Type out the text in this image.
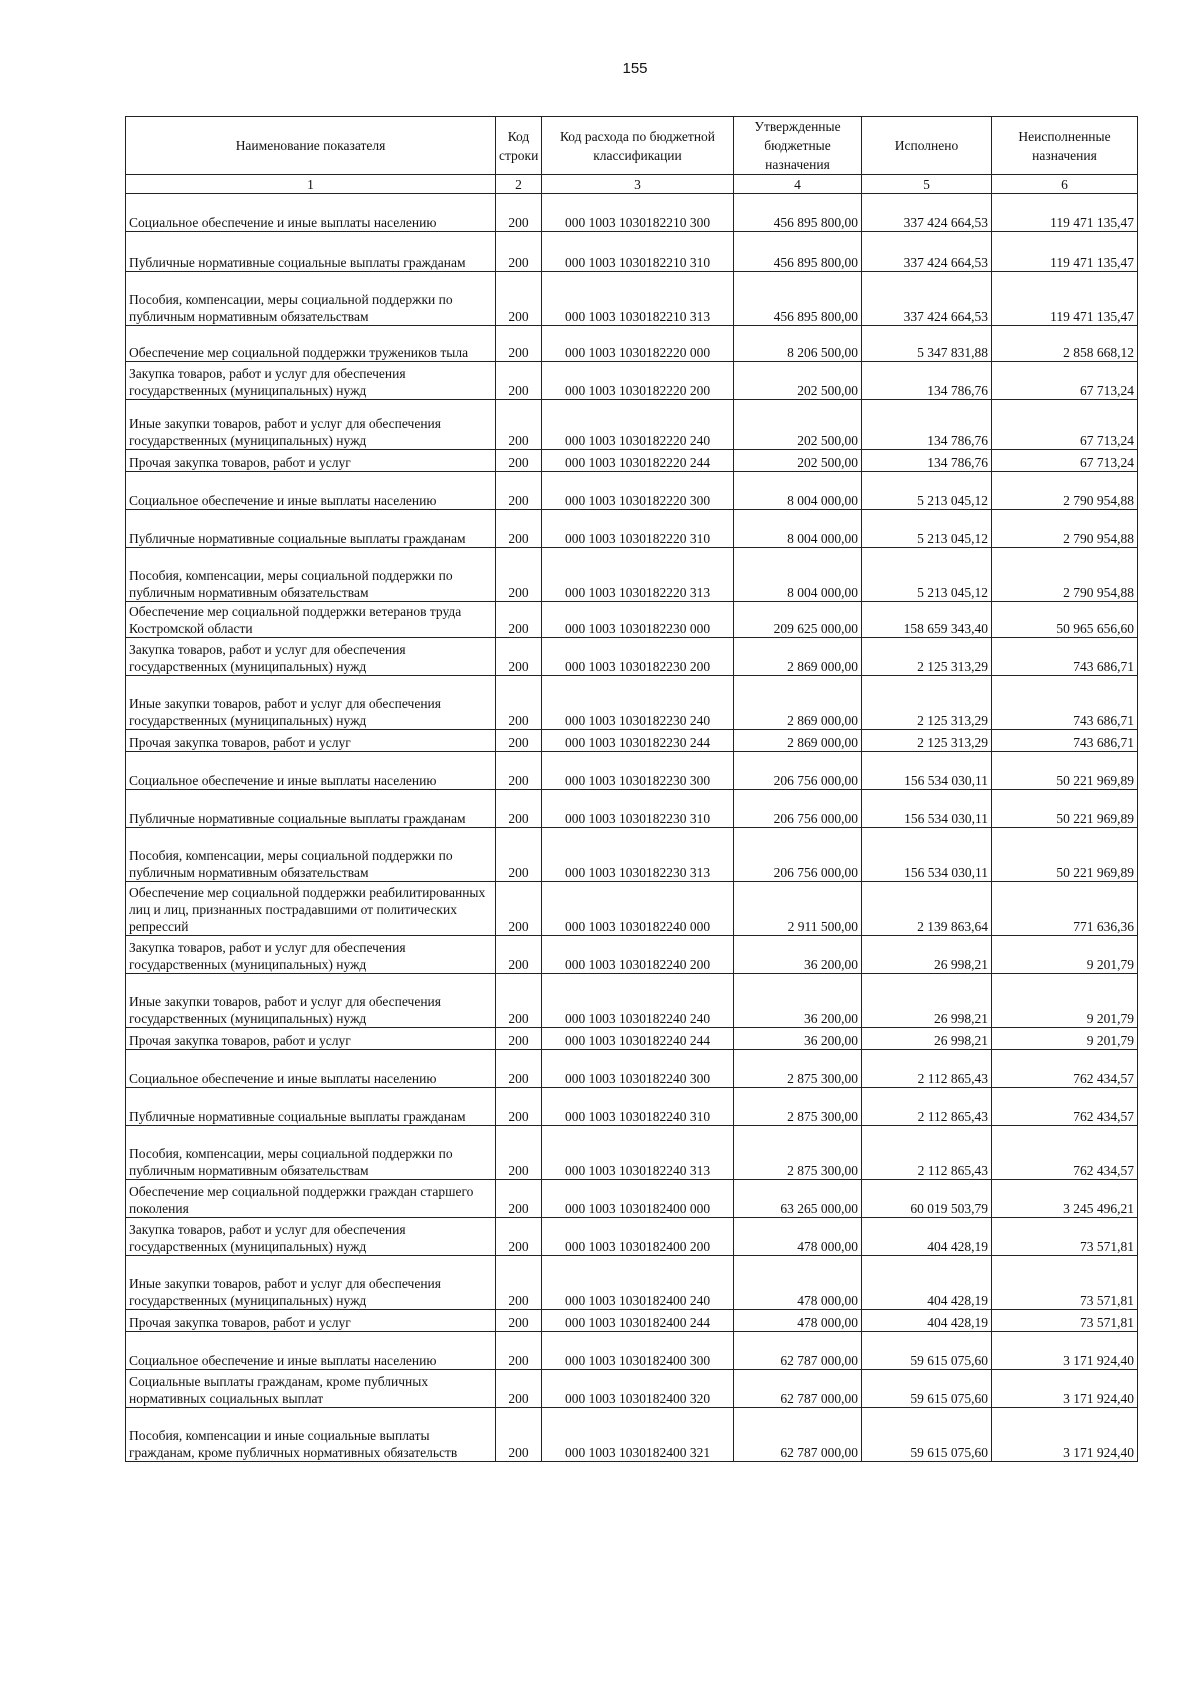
155
Наименование показателя	Код строки	Код расхода по бюджетной классификации	Утвержденные бюджетные назначения	Исполнено	Неисполненные назначения
1	2	3	4	5	6
Социальное обеспечение и иные выплаты населению	200	000 1003 1030182210 300	456 895 800,00	337 424 664,53	119 471 135,47
Публичные нормативные социальные выплаты гражданам	200	000 1003 1030182210 310	456 895 800,00	337 424 664,53	119 471 135,47
Пособия, компенсации, меры социальной поддержки по публичным нормативным обязательствам	200	000 1003 1030182210 313	456 895 800,00	337 424 664,53	119 471 135,47
Обеспечение мер социальной поддержки тружеников тыла	200	000 1003 1030182220 000	8 206 500,00	5 347 831,88	2 858 668,12
Закупка товаров, работ и услуг для обеспечения государственных (муниципальных) нужд	200	000 1003 1030182220 200	202 500,00	134 786,76	67 713,24
Иные закупки товаров, работ и услуг для обеспечения государственных (муниципальных) нужд	200	000 1003 1030182220 240	202 500,00	134 786,76	67 713,24
Прочая закупка товаров, работ и услуг	200	000 1003 1030182220 244	202 500,00	134 786,76	67 713,24
Социальное обеспечение и иные выплаты населению	200	000 1003 1030182220 300	8 004 000,00	5 213 045,12	2 790 954,88
Публичные нормативные социальные выплаты гражданам	200	000 1003 1030182220 310	8 004 000,00	5 213 045,12	2 790 954,88
Пособия, компенсации, меры социальной поддержки по публичным нормативным обязательствам	200	000 1003 1030182220 313	8 004 000,00	5 213 045,12	2 790 954,88
Обеспечение мер социальной поддержки ветеранов труда Костромской области	200	000 1003 1030182230 000	209 625 000,00	158 659 343,40	50 965 656,60
Закупка товаров, работ и услуг для обеспечения государственных (муниципальных) нужд	200	000 1003 1030182230 200	2 869 000,00	2 125 313,29	743 686,71
Иные закупки товаров, работ и услуг для обеспечения государственных (муниципальных) нужд	200	000 1003 1030182230 240	2 869 000,00	2 125 313,29	743 686,71
Прочая закупка товаров, работ и услуг	200	000 1003 1030182230 244	2 869 000,00	2 125 313,29	743 686,71
Социальное обеспечение и иные выплаты населению	200	000 1003 1030182230 300	206 756 000,00	156 534 030,11	50 221 969,89
Публичные нормативные социальные выплаты гражданам	200	000 1003 1030182230 310	206 756 000,00	156 534 030,11	50 221 969,89
Пособия, компенсации, меры социальной поддержки по публичным нормативным обязательствам	200	000 1003 1030182230 313	206 756 000,00	156 534 030,11	50 221 969,89
Обеспечение мер социальной поддержки реабилитированных лиц и лиц, признанных пострадавшими от политических репрессий	200	000 1003 1030182240 000	2 911 500,00	2 139 863,64	771 636,36
Закупка товаров, работ и услуг для обеспечения государственных (муниципальных) нужд	200	000 1003 1030182240 200	36 200,00	26 998,21	9 201,79
Иные закупки товаров, работ и услуг для обеспечения государственных (муниципальных) нужд	200	000 1003 1030182240 240	36 200,00	26 998,21	9 201,79
Прочая закупка товаров, работ и услуг	200	000 1003 1030182240 244	36 200,00	26 998,21	9 201,79
Социальное обеспечение и иные выплаты населению	200	000 1003 1030182240 300	2 875 300,00	2 112 865,43	762 434,57
Публичные нормативные социальные выплаты гражданам	200	000 1003 1030182240 310	2 875 300,00	2 112 865,43	762 434,57
Пособия, компенсации, меры социальной поддержки по публичным нормативным обязательствам	200	000 1003 1030182240 313	2 875 300,00	2 112 865,43	762 434,57
Обеспечение мер социальной поддержки граждан старшего поколения	200	000 1003 1030182400 000	63 265 000,00	60 019 503,79	3 245 496,21
Закупка товаров, работ и услуг для обеспечения государственных (муниципальных) нужд	200	000 1003 1030182400 200	478 000,00	404 428,19	73 571,81
Иные закупки товаров, работ и услуг для обеспечения государственных (муниципальных) нужд	200	000 1003 1030182400 240	478 000,00	404 428,19	73 571,81
Прочая закупка товаров, работ и услуг	200	000 1003 1030182400 244	478 000,00	404 428,19	73 571,81
Социальное обеспечение и иные выплаты населению	200	000 1003 1030182400 300	62 787 000,00	59 615 075,60	3 171 924,40
Социальные выплаты гражданам, кроме публичных нормативных социальных выплат	200	000 1003 1030182400 320	62 787 000,00	59 615 075,60	3 171 924,40
Пособия, компенсации и иные социальные выплаты гражданам, кроме публичных нормативных обязательств	200	000 1003 1030182400 321	62 787 000,00	59 615 075,60	3 171 924,40
